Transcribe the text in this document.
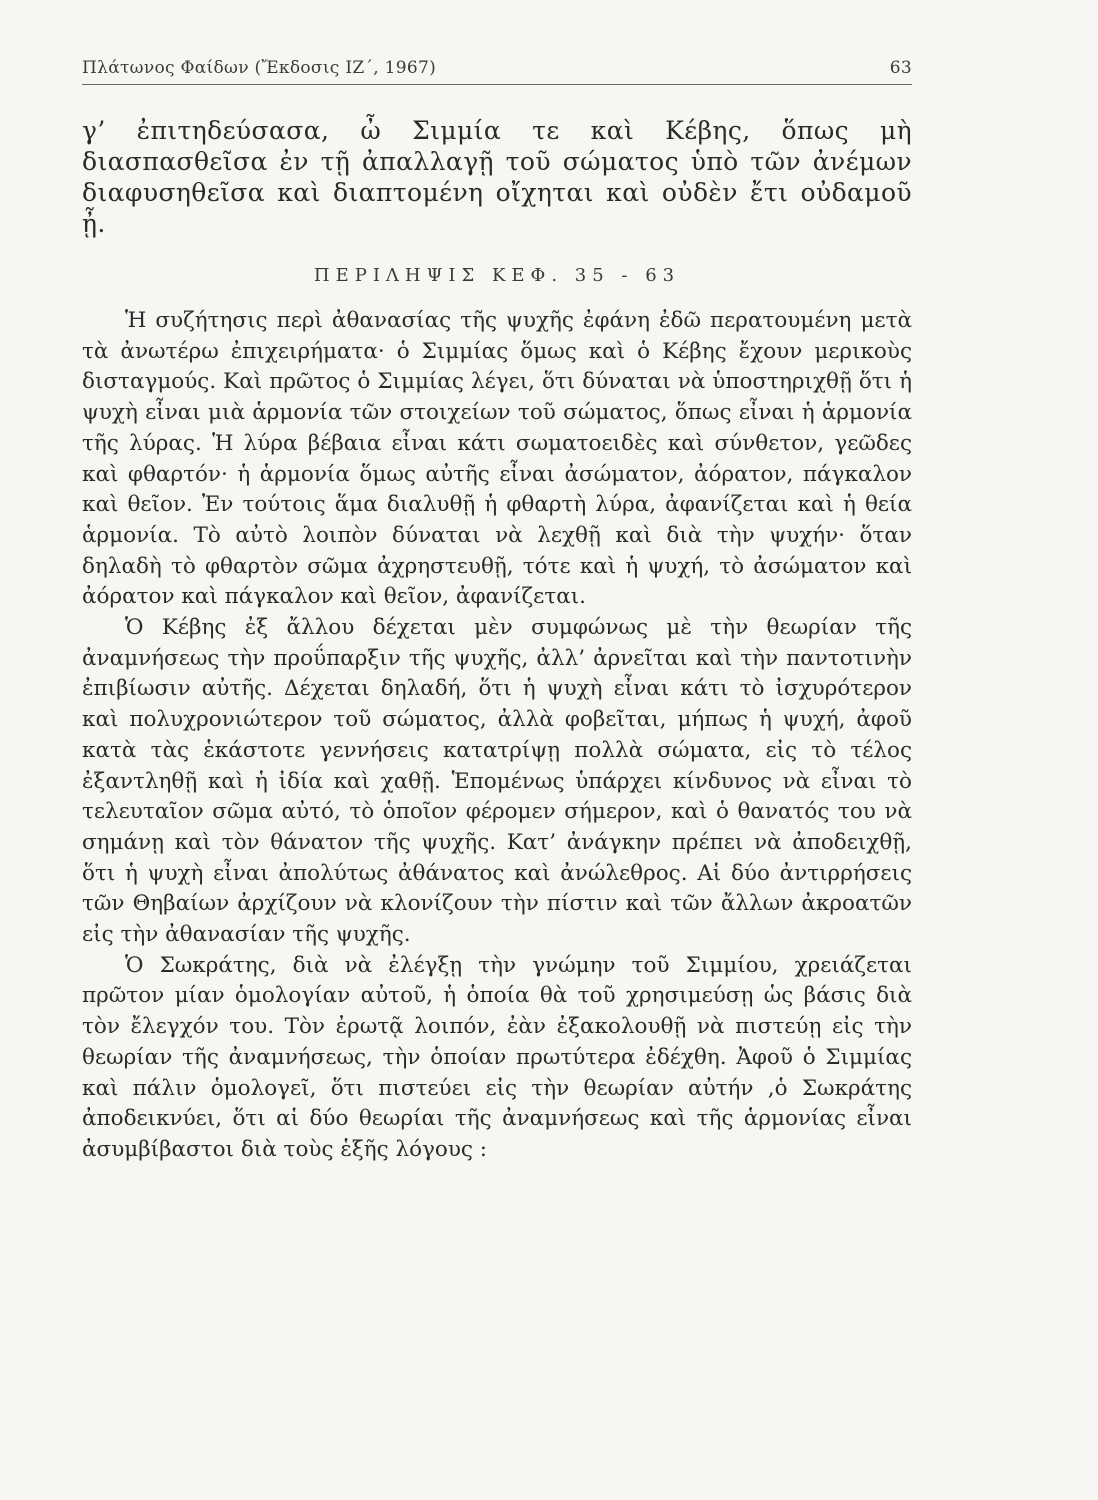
Πλάτωνος Φαίδων (Ἔκδοσις ΙΖ΄, 1967)	63

γ’ ἐπιτηδεύσασα, ὦ Σιμμία τε καὶ Κέβης, ὅπως μὴ διασπασθεῖσα ἐν τῇ ἀπαλλαγῇ τοῦ σώματος ὑπὸ τῶν ἀνέμων διαφυσηθεῖσα καὶ διαπτομένη οἴχηται καὶ οὐδὲν ἔτι οὐδαμοῦ ᾖ.

ΠΕΡΙΛΗΨΙΣ ΚΕΦ. 35 - 63

Ἡ συζήτησις περὶ ἀθανασίας τῆς ψυχῆς ἐφάνη ἐδῶ περατουμένη μετὰ τὰ ἀνωτέρω ἐπιχειρήματα· ὁ Σιμμίας ὅμως καὶ ὁ Κέβης ἔχουν μερικοὺς δισταγμούς. Καὶ πρῶτος ὁ Σιμμίας λέγει, ὅτι δύναται νὰ ὑποστηριχθῇ ὅτι ἡ ψυχὴ εἶναι μιὰ ἁρμονία τῶν στοιχείων τοῦ σώματος, ὅπως εἶναι ἡ ἁρμονία τῆς λύρας. Ἡ λύρα βέβαια εἶναι κάτι σωματοειδὲς καὶ σύνθετον, γεῶδες καὶ φθαρτόν· ἡ ἁρμονία ὅμως αὐτῆς εἶναι ἀσώματον, ἀόρατον, πάγκαλον καὶ θεῖον. Ἐν τούτοις ἅμα διαλυθῇ ἡ φθαρτὴ λύρα, ἀφανίζεται καὶ ἡ θεία ἁρμονία. Τὸ αὐτὸ λοιπὸν δύναται νὰ λεχθῇ καὶ διὰ τὴν ψυχήν· ὅταν δηλαδὴ τὸ φθαρτὸν σῶμα ἀχρηστευθῇ, τότε καὶ ἡ ψυχή, τὸ ἀσώματον καὶ ἀόρατον καὶ πάγκαλον καὶ θεῖον, ἀφανίζεται.

Ὁ Κέβης ἐξ ἄλλου δέχεται μὲν συμφώνως μὲ τὴν θεωρίαν τῆς ἀναμνήσεως τὴν προΰπαρξιν τῆς ψυχῆς, ἀλλ’ ἀρνεῖται καὶ τὴν παντοτινὴν ἐπιβίωσιν αὐτῆς. Δέχεται δηλαδή, ὅτι ἡ ψυχὴ εἶναι κάτι τὸ ἰσχυρότερον καὶ πολυχρονιώτερον τοῦ σώματος, ἀλλὰ φοβεῖται, μήπως ἡ ψυχή, ἀφοῦ κατὰ τὰς ἑκάστοτε γεννήσεις κατατρίψῃ πολλὰ σώματα, εἰς τὸ τέλος ἐξαντληθῇ καὶ ἡ ἰδία καὶ χαθῇ. Ἑπομένως ὑπάρχει κίνδυνος νὰ εἶναι τὸ τελευταῖον σῶμα αὐτό, τὸ ὁποῖον φέρομεν σήμερον, καὶ ὁ θανατός του νὰ σημάνῃ καὶ τὸν θάνατον τῆς ψυχῆς. Κατ’ ἀνάγκην πρέπει νὰ ἀποδειχθῇ, ὅτι ἡ ψυχὴ εἶναι ἀπολύτως ἀθάνατος καὶ ἀνώλεθρος. Αἱ δύο ἀντιρρήσεις τῶν Θηβαίων ἀρχίζουν νὰ κλονίζουν τὴν πίστιν καὶ τῶν ἄλλων ἀκροατῶν εἰς τὴν ἀθανασίαν τῆς ψυχῆς.

Ὁ Σωκράτης, διὰ νὰ ἐλέγξῃ τὴν γνώμην τοῦ Σιμμίου, χρειάζεται πρῶτον μίαν ὁμολογίαν αὐτοῦ, ἡ ὁποία θὰ τοῦ χρησιμεύσῃ ὡς βάσις διὰ τὸν ἔλεγχόν του. Τὸν ἐρωτᾷ λοιπόν, ἐὰν ἐξακολουθῇ νὰ πιστεύῃ εἰς τὴν θεωρίαν τῆς ἀναμνήσεως, τὴν ὁποίαν πρωτύτερα ἐδέχθη. Ἀφοῦ ὁ Σιμμίας καὶ πάλιν ὁμολογεῖ, ὅτι πιστεύει εἰς τὴν θεωρίαν αὐτήν ,ὁ Σωκράτης ἀποδεικνύει, ὅτι αἱ δύο θεωρίαι τῆς ἀναμνήσεως καὶ τῆς ἁρμονίας εἶναι ἀσυμβίβαστοι διὰ τοὺς ἑξῆς λόγους :
